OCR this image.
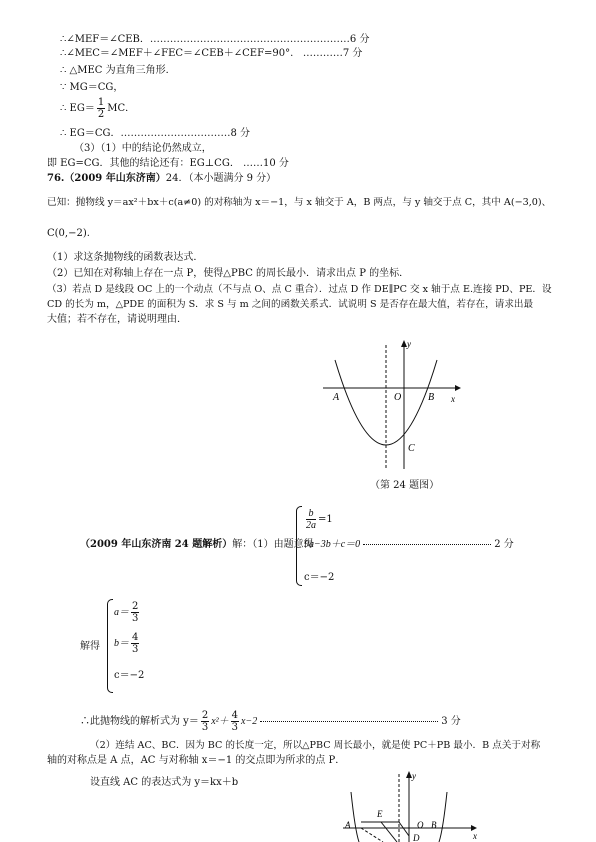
∴∠MEF＝∠CEB．……………………………………………………6 分
∴∠MEC＝∠MEF＋∠FEC＝∠CEB＋∠CEF=90°. …………7 分
∴ △MEC 为直角三角形．
∵ MG＝CG，
∴ $EG= \frac{1}{2}$ MC．
∴ EG＝CG．……………………………8 分
（3）（1）中的结论仍然成立，
即 EG=CG．其他的结论还有：EG⊥CG． ……10 分
76.（2009 年山东济南）24．（本小题满分 9 分）
已知：抛物线 y＝ax²＋bx＋c(a≠0) 的对称轴为 x＝−1，与 x 轴交于 A，B 两点，与 y 轴交于点 C，其中 A(−3,0)、
C(0,−2).
（1）求这条抛物线的函数表达式．
（2）已知在对称轴上存在一点 P，使得△PBC 的周长最小．请求出点 P 的坐标．
（3）若点 D 是线段 OC 上的一个动点（不与点 O、点 C 重合）．过点 D 作 DE∥PC 交 x 轴于点 E.连接 PD、PE．设
CD 的长为 m，△PDE 的面积为 S．求 S 与 m 之间的函数关系式．试说明 S 是否存在最大值，若存在，请求出最
大值；若不存在，请说明理由．
A	O	B
C
y
x
（第 24 题图）
（2009 年山东济南 24 题解析）解：（1）由题意得
$\frac{b}{2a} =1$
9a−3b＋c＝0	2 分
c＝−2
解得
$a= \frac{2}{3}$
$b= \frac{4}{3}$
c＝−2
∴此抛物线的解析式为 $y= \frac{2}{3} x^2+ \frac{4}{3} x-2$	3 分
（2）连结 AC、BC．因为 BC 的长度一定，所以△PBC 周长最小，就是使 PC＋PB 最小．B 点关于对称
轴的对称点是 A 点，AC 与对称轴 x＝−1 的交点即为所求的点 P．
设直线 AC 的表达式为 y＝kx＋b
A
E
O B
D
y
x
